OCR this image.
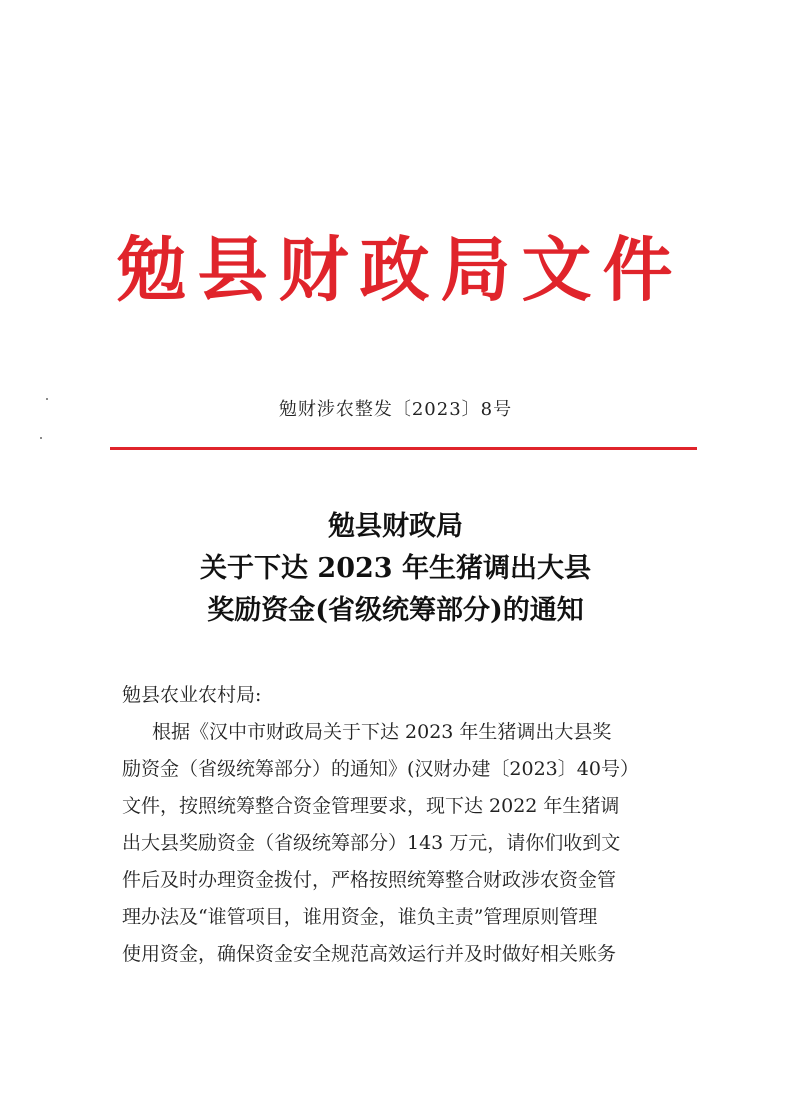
勉县财政局文件
勉财涉农整发〔2023〕8号
勉县财政局
关于下达 2023 年生猪调出大县
奖励资金(省级统筹部分)的通知
勉县农业农村局:
根据《汉中市财政局关于下达 2023 年生猪调出大县奖
励资金（省级统筹部分）的通知》(汉财办建〔2023〕40号）
文件，按照统筹整合资金管理要求，现下达 2022 年生猪调
出大县奖励资金（省级统筹部分）143 万元，请你们收到文
件后及时办理资金拨付，严格按照统筹整合财政涉农资金管
理办法及“谁管项目，谁用资金，谁负主责”管理原则管理
使用资金，确保资金安全规范高效运行并及时做好相关账务
